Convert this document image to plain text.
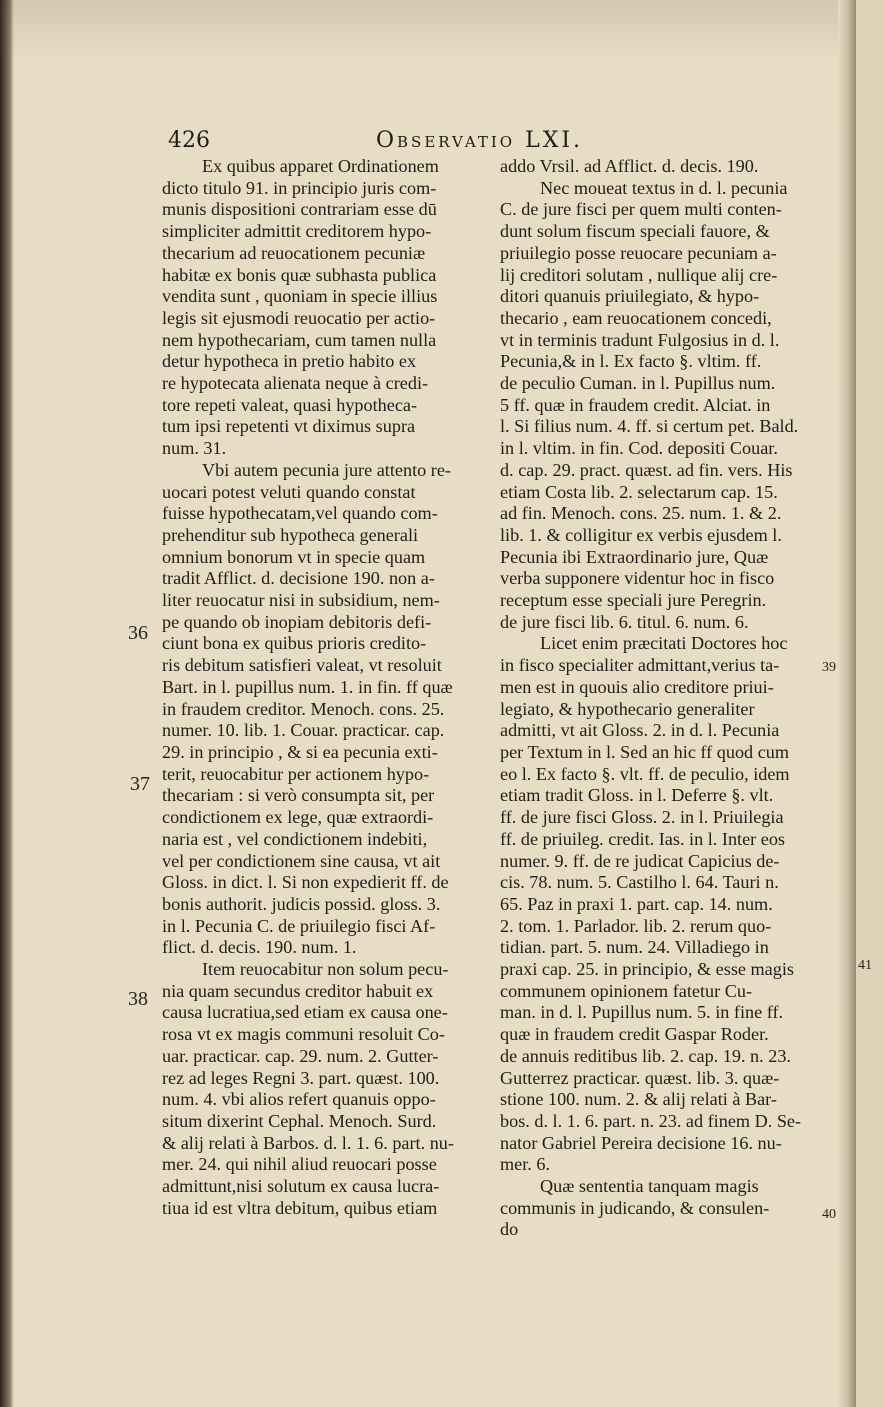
426	Observatio LXI.

Ex quibus apparet Ordinationem
dicto titulo 91. in principio juris com-
munis dispositioni contrariam esse dū
simpliciter admittit creditorem hypo-
thecarium ad reuocationem pecuniæ
habitæ ex bonis quæ subhasta publica
vendita sunt , quoniam in specie illius
legis sit ejusmodi reuocatio per actio-
nem hypothecariam, cum tamen nulla
detur hypotheca in pretio habito ex
re hypotecata alienata neque à credi-
tore repeti valeat, quasi hypotheca-
tum ipsi repetenti vt diximus supra
num. 31.

Vbi autem pecunia jure attento re-
uocari potest veluti quando constat
fuisse hypothecatam,vel quando com-
prehenditur sub hypotheca generali
omnium bonorum vt in specie quam
tradit Afflict. d. decisione 190. non a-
liter reuocatur nisi in subsidium, nem-
pe quando ob inopiam debitoris defi-
ciunt bona ex quibus prioris credito-
ris debitum satisfieri valeat, vt resoluit
Bart. in l. pupillus num. 1. in fin. ff quæ
in fraudem creditor. Menoch. cons. 25.
numer. 10. lib. 1. Couar. practicar. cap.
29. in principio , & si ea pecunia exti-
terit, reuocabitur per actionem hypo-
thecariam : si verò consumpta sit, per
condictionem ex lege, quæ extraordi-
naria est , vel condictionem indebiti,
vel per condictionem sine causa, vt ait
Gloss. in dict. l. Si non expedierit ff. de
bonis authorit. judicis possid. gloss. 3.
in l. Pecunia C. de priuilegio fisci Af-
flict. d. decis. 190. num. 1.

Item reuocabitur non solum pecu-
nia quam secundus creditor habuit ex
causa lucratiua,sed etiam ex causa one-
rosa vt ex magis communi resoluit Co-
uar. practicar. cap. 29. num. 2. Gutter-
rez ad leges Regni 3. part. quæst. 100.
num. 4. vbi alios refert quanuis oppo-
situm dixerint Cephal. Menoch. Surd.
& alij relati à Barbos. d. l. 1. 6. part. nu-
mer. 24. qui nihil aliud reuocari posse
admittunt,nisi solutum ex causa lucra-
tiua id est vltra debitum, quibus etiam

addo Vrsil. ad Afflict. d. decis. 190.

Nec moueat textus in d. l. pecunia
C. de jure fisci per quem multi conten-
dunt solum fiscum speciali fauore, &
priuilegio posse reuocare pecuniam a-
lij creditori solutam , nullique alij cre-
ditori quanuis priuilegiato, & hypo-
thecario , eam reuocationem concedi,
vt in terminis tradunt Fulgosius in d. l.
Pecunia,& in l. Ex facto §. vltim. ff.
de peculio Cuman. in l. Pupillus num.
5 ff. quæ in fraudem credit. Alciat. in
l. Si filius num. 4. ff. si certum pet. Bald.
in l. vltim. in fin. Cod. depositi Couar.
d. cap. 29. pract. quæst. ad fin. vers. His
etiam Costa lib. 2. selectarum cap. 15.
ad fin. Menoch. cons. 25. num. 1. & 2.
lib. 1. & colligitur ex verbis ejusdem l.
Pecunia ibi Extraordinario jure, Quæ
verba supponere videntur hoc in fisco
receptum esse speciali jure Peregrin.
de jure fisci lib. 6. titul. 6. num. 6.

Licet enim præcitati Doctores hoc
in fisco specialiter admittant,verius ta-
men est in quouis alio creditore priui-
legiato, & hypothecario generaliter
admitti, vt ait Gloss. 2. in d. l. Pecunia
per Textum in l. Sed an hic ff quod cum
eo l. Ex facto §. vlt. ff. de peculio, idem
etiam tradit Gloss. in l. Deferre §. vlt.
ff. de jure fisci Gloss. 2. in l. Priuilegia
ff. de priuileg. credit. Ias. in l. Inter eos
numer. 9. ff. de re judicat Capicius de-
cis. 78. num. 5. Castilho l. 64. Tauri n.
65. Paz in praxi 1. part. cap. 14. num.
2. tom. 1. Parlador. lib. 2. rerum quo-
tidian. part. 5. num. 24. Villadiego in
praxi cap. 25. in principio, & esse magis
communem opinionem fatetur Cu-
man. in d. l. Pupillus num. 5. in fine ff.
quæ in fraudem credit Gaspar Roder.
de annuis reditibus lib. 2. cap. 19. n. 23.
Gutterrez practicar. quæst. lib. 3. quæ-
stione 100. num. 2. & alij relati à Bar-
bos. d. l. 1. 6. part. n. 23. ad finem D. Se-
nator Gabriel Pereira decisione 16. nu-
mer. 6.

Quæ sententia tanquam magis
communis in judicando, & consulen-
do

36
37
38
39
40
41
